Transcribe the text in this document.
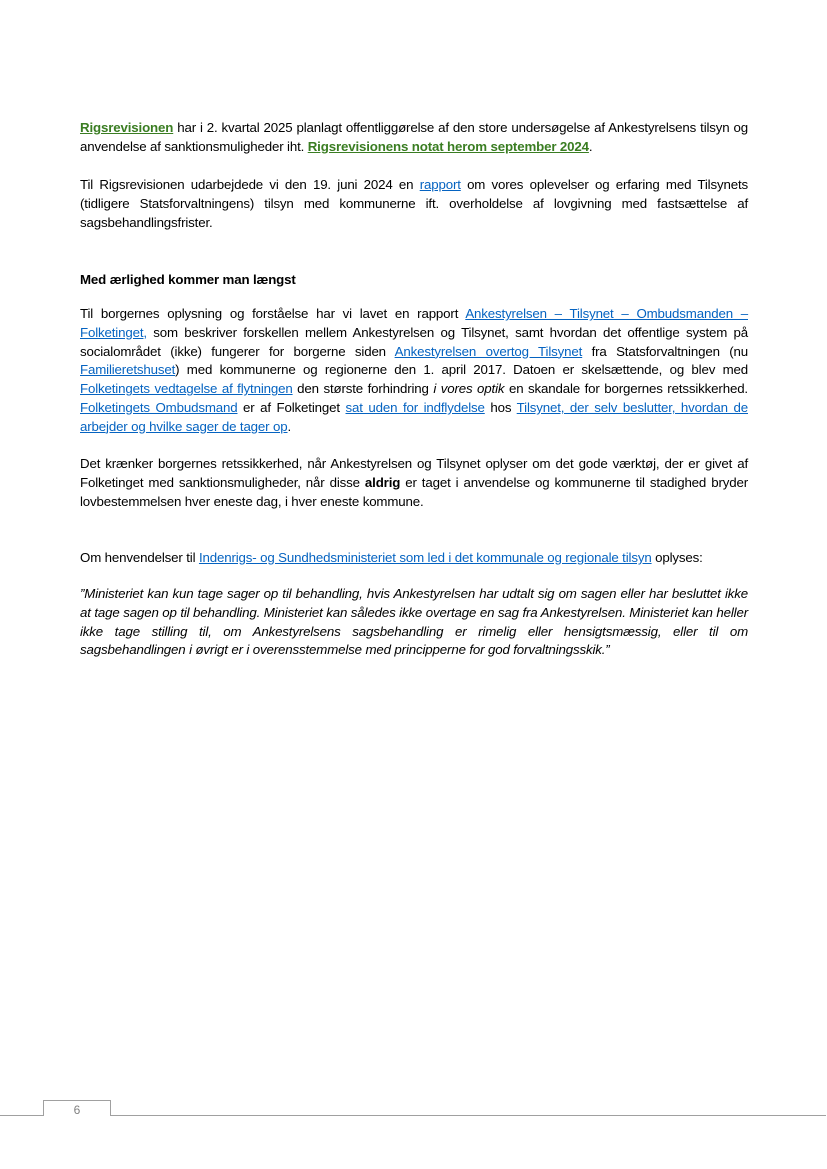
Rigsrevisionen har i 2. kvartal 2025 planlagt offentliggørelse af den store undersøgelse af Ankestyrelsens tilsyn og anvendelse af sanktionsmuligheder iht. Rigsrevisionens notat herom september 2024.

Til Rigsrevisionen udarbejdede vi den 19. juni 2024 en rapport om vores oplevelser og erfaring med Tilsynets (tidligere Statsforvaltningens) tilsyn med kommunerne ift. overholdelse af lovgivning med fastsættelse af sagsbehandlingsfrister.

Med ærlighed kommer man længst

Til borgernes oplysning og forståelse har vi lavet en rapport Ankestyrelsen – Tilsynet – Ombudsmanden – Folketinget, som beskriver forskellen mellem Ankestyrelsen og Tilsynet, samt hvordan det offentlige system på socialområdet (ikke) fungerer for borgerne siden Ankestyrelsen overtog Tilsynet fra Statsforvaltningen (nu Familieretshuset) med kommunerne og regionerne den 1. april 2017. Datoen er skelsættende, og blev med Folketingets vedtagelse af flytningen den største forhindring i vores optik en skandale for borgernes retssikkerhed. Folketingets Ombudsmand er af Folketinget sat uden for indflydelse hos Tilsynet, der selv beslutter, hvordan de arbejder og hvilke sager de tager op.

Det krænker borgernes retssikkerhed, når Ankestyrelsen og Tilsynet oplyser om det gode værktøj, der er givet af Folketinget med sanktionsmuligheder, når disse aldrig er taget i anvendelse og kommunerne til stadighed bryder lovbestemmelsen hver eneste dag, i hver eneste kommune.

Om henvendelser til Indenrigs- og Sundhedsministeriet som led i det kommunale og regionale tilsyn oplyses:

”Ministeriet kan kun tage sager op til behandling, hvis Ankestyrelsen har udtalt sig om sagen eller har besluttet ikke at tage sagen op til behandling. Ministeriet kan således ikke overtage en sag fra Ankestyrelsen. Ministeriet kan heller ikke tage stilling til, om Ankestyrelsens sagsbehandling er rimelig eller hensigtsmæssig, eller til om sagsbehandlingen i øvrigt er i overensstemmelse med principperne for god forvaltningsskik.”

6
